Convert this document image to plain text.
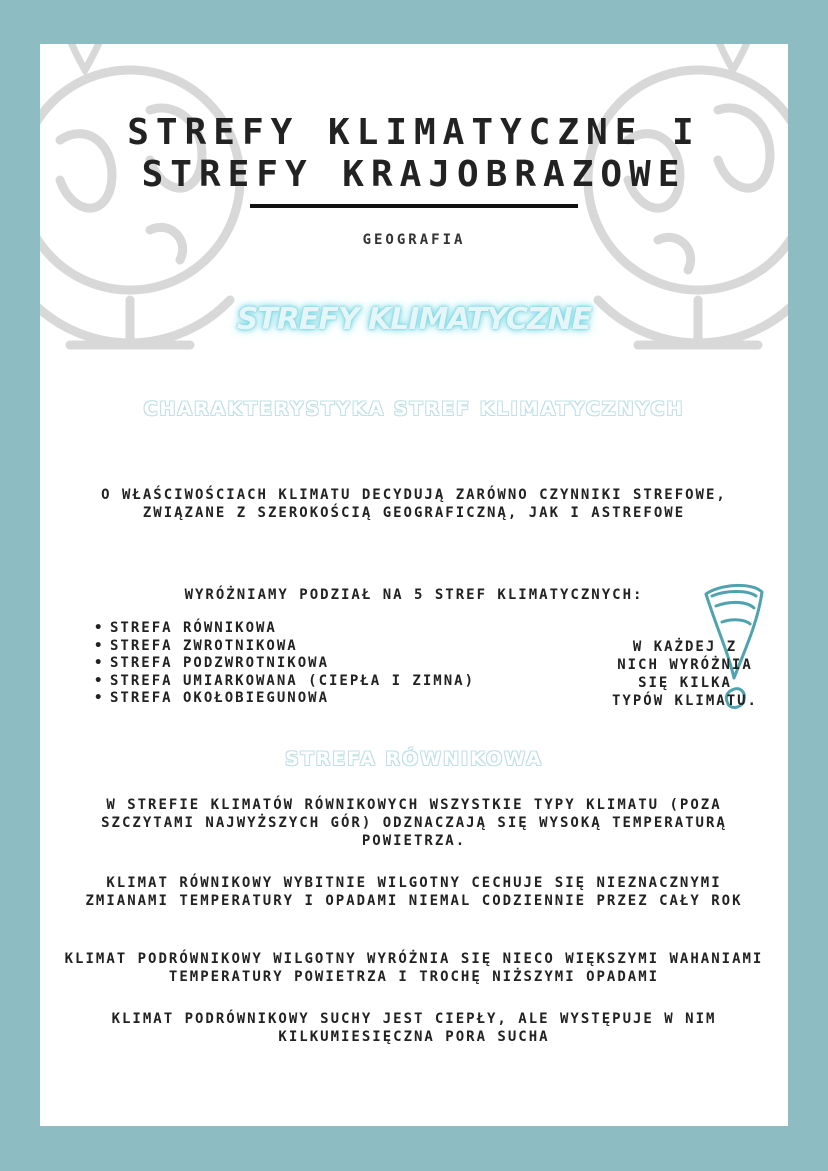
STREFY KLIMATYCZNE I
STREFY KRAJOBRAZOWE
GEOGRAFIA
STREFY KLIMATYCZNE
CHARAKTERYSTYKA STREF KLIMATYCZNYCH

O WŁAŚCIWOŚCIACH KLIMATU DECYDUJĄ ZARÓWNO CZYNNIKI STREFOWE, ZWIĄZANE Z SZEROKOŚCIĄ GEOGRAFICZNĄ, JAK I ASTREFOWE

WYRÓŻNIAMY PODZIAŁ NA 5 STREF KLIMATYCZNYCH:

• STREFA RÓWNIKOWA
• STREFA ZWROTNIKOWA
• STREFA PODZWROTNIKOWA
• STREFA UMIARKOWANA (CIEPŁA I ZIMNA)
• STREFA OKOŁOBIEGUNOWA
W KAŻDEJ Z NICH WYRÓŻNIA SIĘ KILKA TYPÓW KLIMATU.
STREFA RÓWNIKOWA

W STREFIE KLIMATÓW RÓWNIKOWYCH WSZYSTKIE TYPY KLIMATU (POZA SZCZYTAMI NAJWYŻSZYCH GÓR) ODZNACZAJĄ SIĘ WYSOKĄ TEMPERATURĄ POWIETRZA.

KLIMAT RÓWNIKOWY WYBITNIE WILGOTNY CECHUJE SIĘ NIEZNACZNYMI ZMIANAMI TEMPERATURY I OPADAMI NIEMAL CODZIENNIE PRZEZ CAŁY ROK

KLIMAT PODRÓWNIKOWY WILGOTNY WYRÓŻNIA SIĘ NIECO WIĘKSZYMI WAHANIAMI TEMPERATURY POWIETRZA I TROCHĘ NIŻSZYMI OPADAMI

KLIMAT PODRÓWNIKOWY SUCHY JEST CIEPŁY, ALE WYSTĘPUJE W NIM KILKUMIESIĘCZNA PORA SUCHA
